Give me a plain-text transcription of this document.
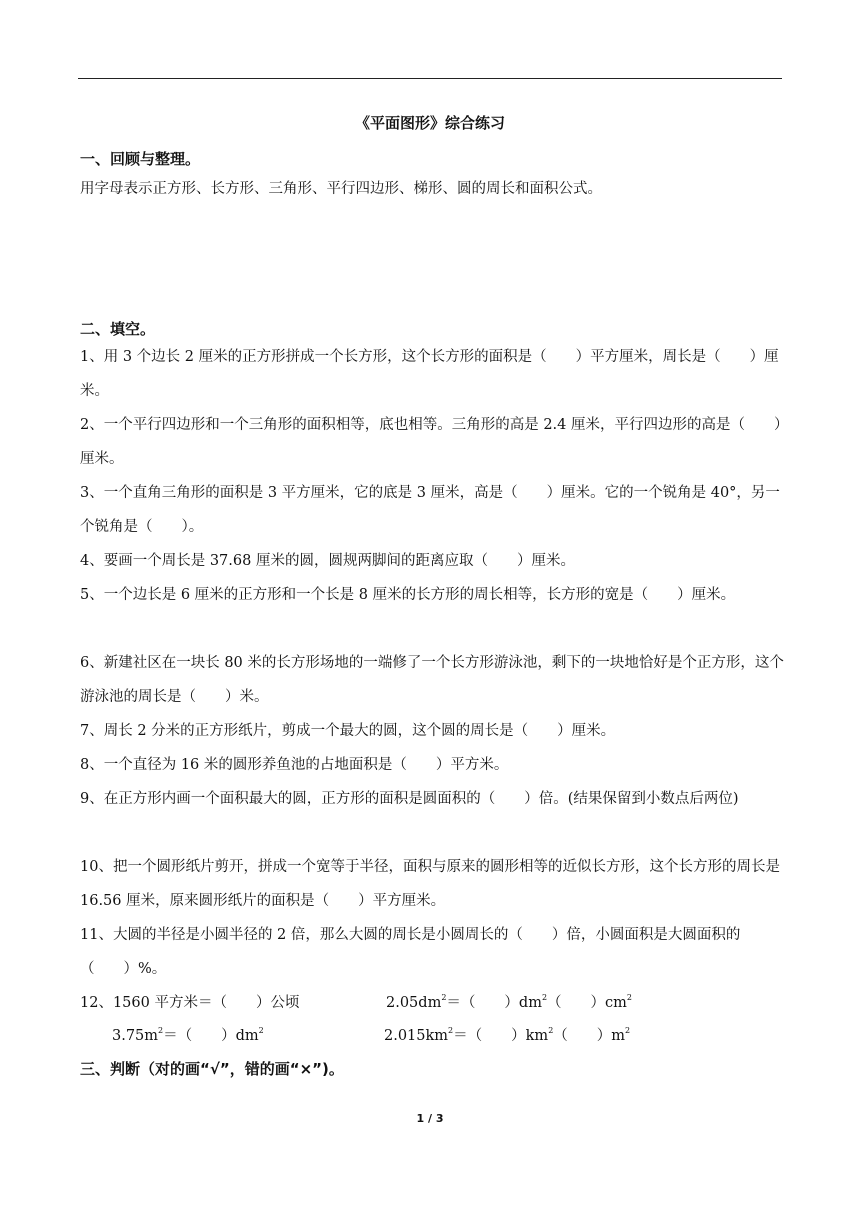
《平面图形》综合练习
一、回顾与整理。
用字母表示正方形、长方形、三角形、平行四边形、梯形、圆的周长和面积公式。
二、填空。
1、用 3 个边长 2 厘米的正方形拼成一个长方形，这个长方形的面积是（　　）平方厘米，周长是（　　）厘米。
2、一个平行四边形和一个三角形的面积相等，底也相等。三角形的高是 2.4 厘米，平行四边形的高是（　　）厘米。
3、一个直角三角形的面积是 3 平方厘米，它的底是 3 厘米，高是（　　）厘米。它的一个锐角是 40°，另一个锐角是（　　）。
4、要画一个周长是 37.68 厘米的圆，圆规两脚间的距离应取（　　）厘米。
5、一个边长是 6 厘米的正方形和一个长是 8 厘米的长方形的周长相等，长方形的宽是（　　）厘米。
6、新建社区在一块长 80 米的长方形场地的一端修了一个长方形游泳池，剩下的一块地恰好是个正方形，这个游泳池的周长是（　　）米。
7、周长 2 分米的正方形纸片，剪成一个最大的圆，这个圆的周长是（　　）厘米。
8、一个直径为 16 米的圆形养鱼池的占地面积是（　　）平方米。
9、在正方形内画一个面积最大的圆，正方形的面积是圆面积的（　　）倍。(结果保留到小数点后两位)
10、把一个圆形纸片剪开，拼成一个宽等于半径，面积与原来的圆形相等的近似长方形，这个长方形的周长是 16.56 厘米，原来圆形纸片的面积是（　　）平方厘米。
11、大圆的半径是小圆半径的 2 倍，那么大圆的周长是小圆周长的（　　）倍，小圆面积是大圆面积的（　　）%。
12、1560 平方米＝（　　）公顷	$2.05dm^2=$（　　）$dm^2$（　　）$cm^2$
$3.75m^2=$（　　）$dm^2$	$2.015km^2=$（　　）$km^2$（　　）$m^2$
三、判断（对的画“√”，错的画“×”)。
1 / 3
